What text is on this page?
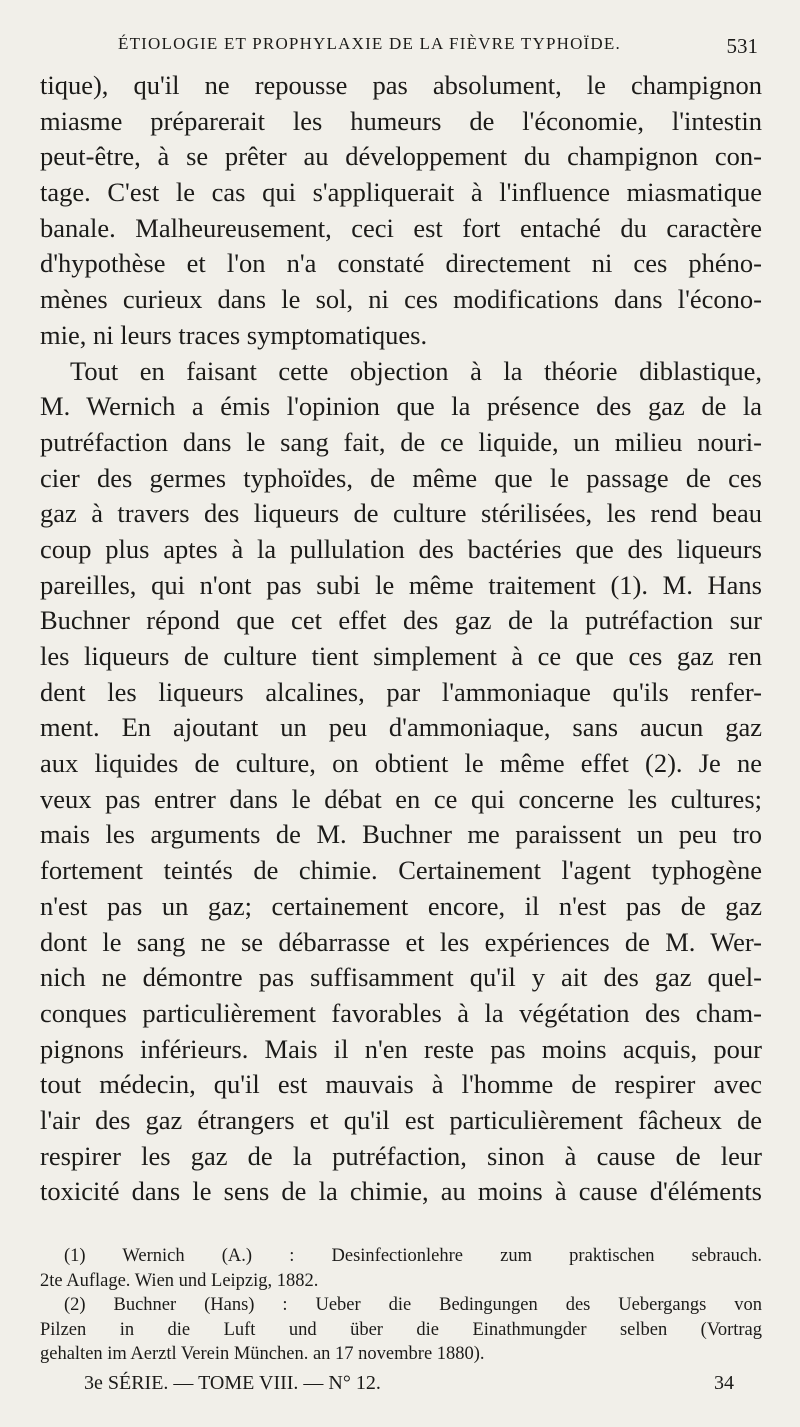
ÉTIOLOGIE ET PROPHYLAXIE DE LA FIÈVRE TYPHOÏDE.	531
tique), qu'il ne repousse pas absolument, le champignon
miasme préparerait les humeurs de l'économie, l'intestin
peut-être, à se prêter au développement du champignon con-
tage. C'est le cas qui s'appliquerait à l'influence miasmatique
banale. Malheureusement, ceci est fort entaché du caractère
d'hypothèse et l'on n'a constaté directement ni ces phéno-
mènes curieux dans le sol, ni ces modifications dans l'écono-
mie, ni leurs traces symptomatiques.
Tout en faisant cette objection à la théorie diblastique,
M. Wernich a émis l'opinion que la présence des gaz de la
putréfaction dans le sang fait, de ce liquide, un milieu nouri-
cier des germes typhoïdes, de même que le passage de ces
gaz à travers des liqueurs de culture stérilisées, les rend beau
coup plus aptes à la pullulation des bactéries que des liqueurs
pareilles, qui n'ont pas subi le même traitement (1). M. Hans
Buchner répond que cet effet des gaz de la putréfaction sur
les liqueurs de culture tient simplement à ce que ces gaz ren
dent les liqueurs alcalines, par l'ammoniaque qu'ils renfer-
ment. En ajoutant un peu d'ammoniaque, sans aucun gaz
aux liquides de culture, on obtient le même effet (2). Je ne
veux pas entrer dans le débat en ce qui concerne les cultures;
mais les arguments de M. Buchner me paraissent un peu tro
fortement teintés de chimie. Certainement l'agent typhogène
n'est pas un gaz; certainement encore, il n'est pas de gaz
dont le sang ne se débarrasse et les expériences de M. Wer-
nich ne démontre pas suffisamment qu'il y ait des gaz quel-
conques particulièrement favorables à la végétation des cham-
pignons inférieurs. Mais il n'en reste pas moins acquis, pour
tout médecin, qu'il est mauvais à l'homme de respirer avec
l'air des gaz étrangers et qu'il est particulièrement fâcheux de
respirer les gaz de la putréfaction, sinon à cause de leur
toxicité dans le sens de la chimie, au moins à cause d'éléments
(1) Wernich (A.) : Desinfectionlehre zum praktischen sebrauch.
2te Auflage. Wien und Leipzig, 1882.
(2) Buchner (Hans) : Ueber die Bedingungen des Uebergangs von
Pilzen in die Luft und über die Einathmungder selben (Vortrag
gehalten im Aerztl Verein München. an 17 novembre 1880).
3e SÉRIE. — TOME VIII. — N° 12.	34
